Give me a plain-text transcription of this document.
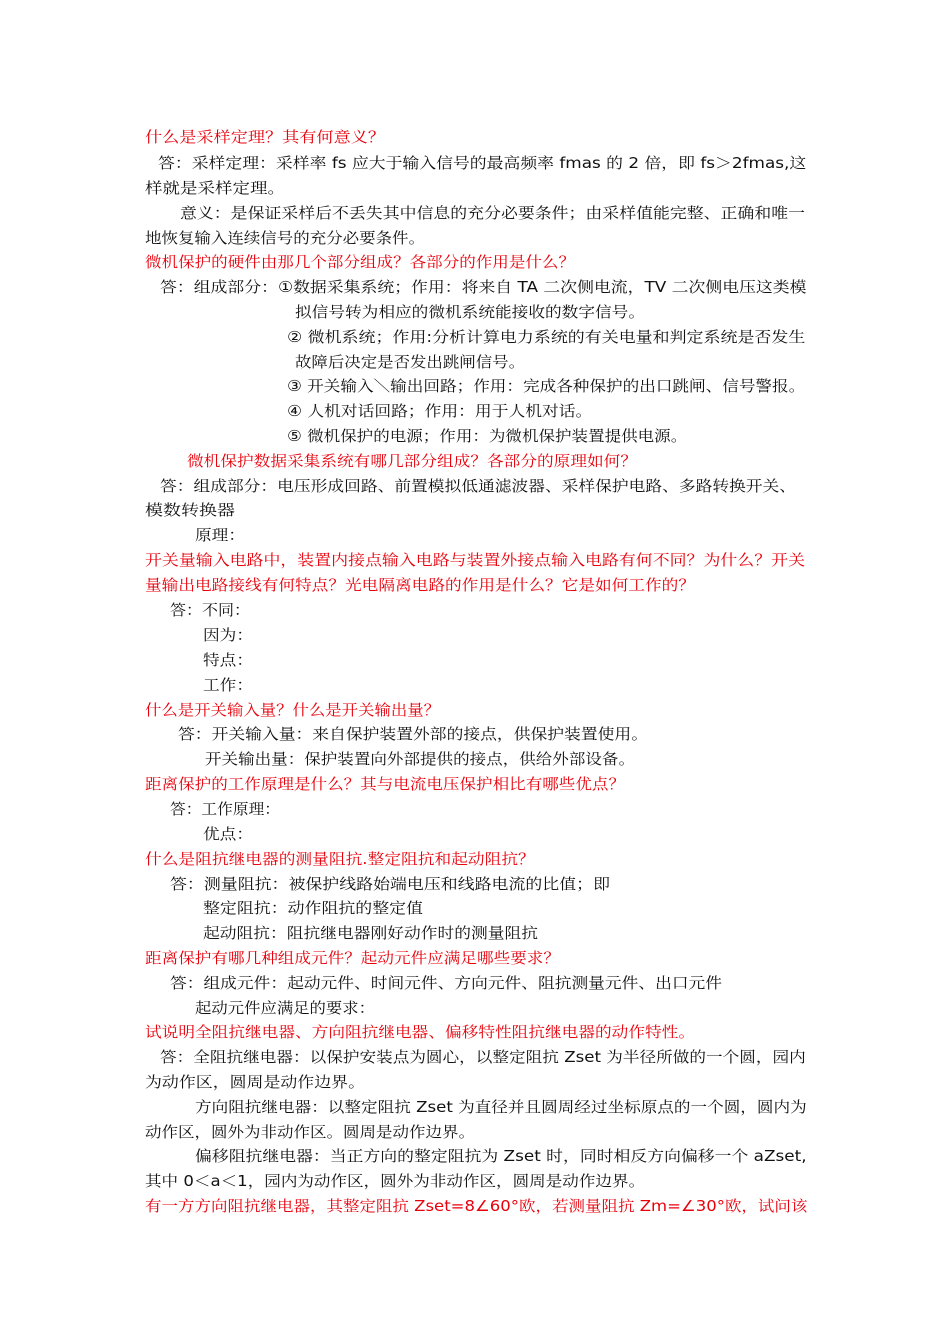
什么是采样定理？其有何意义？
答：采样定理：采样率 fs 应大于输入信号的最高频率 fmas 的 2 倍，即 fs＞2fmas,这
样就是采样定理。
意义：是保证采样后不丢失其中信息的充分必要条件；由采样值能完整、正确和唯一
地恢复输入连续信号的充分必要条件。
微机保护的硬件由那几个部分组成？各部分的作用是什么？
答：组成部分：①数据采集系统；作用：将来自 TA 二次侧电流，TV 二次侧电压这类模
拟信号转为相应的微机系统能接收的数字信号。
② 微机系统；作用:分析计算电力系统的有关电量和判定系统是否发生
故障后决定是否发出跳闸信号。
③ 开关输入＼输出回路；作用：完成各种保护的出口跳闸、信号警报。
④ 人机对话回路；作用：用于人机对话。
⑤ 微机保护的电源；作用：为微机保护装置提供电源。
微机保护数据采集系统有哪几部分组成？各部分的原理如何？
答：组成部分：电压形成回路、前置模拟低通滤波器、采样保护电路、多路转换开关、
模数转换器
原理：
开关量输入电路中，装置内接点输入电路与装置外接点输入电路有何不同？为什么？开关
量输出电路接线有何特点？光电隔离电路的作用是什么？它是如何工作的？
答：不同：
因为：
特点：
工作：
什么是开关输入量？什么是开关输出量？
答：开关输入量：来自保护装置外部的接点，供保护装置使用。
开关输出量：保护装置向外部提供的接点，供给外部设备。
距离保护的工作原理是什么？其与电流电压保护相比有哪些优点？
答：工作原理：
优点：
什么是阻抗继电器的测量阻抗.整定阻抗和起动阻抗？
答：测量阻抗：被保护线路始端电压和线路电流的比值；即
整定阻抗：动作阻抗的整定值
起动阻抗：阻抗继电器刚好动作时的测量阻抗
距离保护有哪几种组成元件？起动元件应满足哪些要求？
答：组成元件：起动元件、时间元件、方向元件、阻抗测量元件、出口元件
起动元件应满足的要求：
试说明全阻抗继电器、方向阻抗继电器、偏移特性阻抗继电器的动作特性。
答：全阻抗继电器：以保护安装点为圆心，以整定阻抗 Zset 为半径所做的一个圆，园内
为动作区，圆周是动作边界。
方向阻抗继电器：以整定阻抗 Zset 为直径并且圆周经过坐标原点的一个圆，圆内为
动作区，圆外为非动作区。圆周是动作边界。
偏移阻抗继电器：当正方向的整定阻抗为 Zset 时，同时相反方向偏移一个 aZset,
其中 0＜a＜1，园内为动作区，圆外为非动作区，圆周是动作边界。
有一方方向阻抗继电器，其整定阻抗 Zset=8∠60°欧，若测量阻抗 Zm=∠30°欧，试问该
